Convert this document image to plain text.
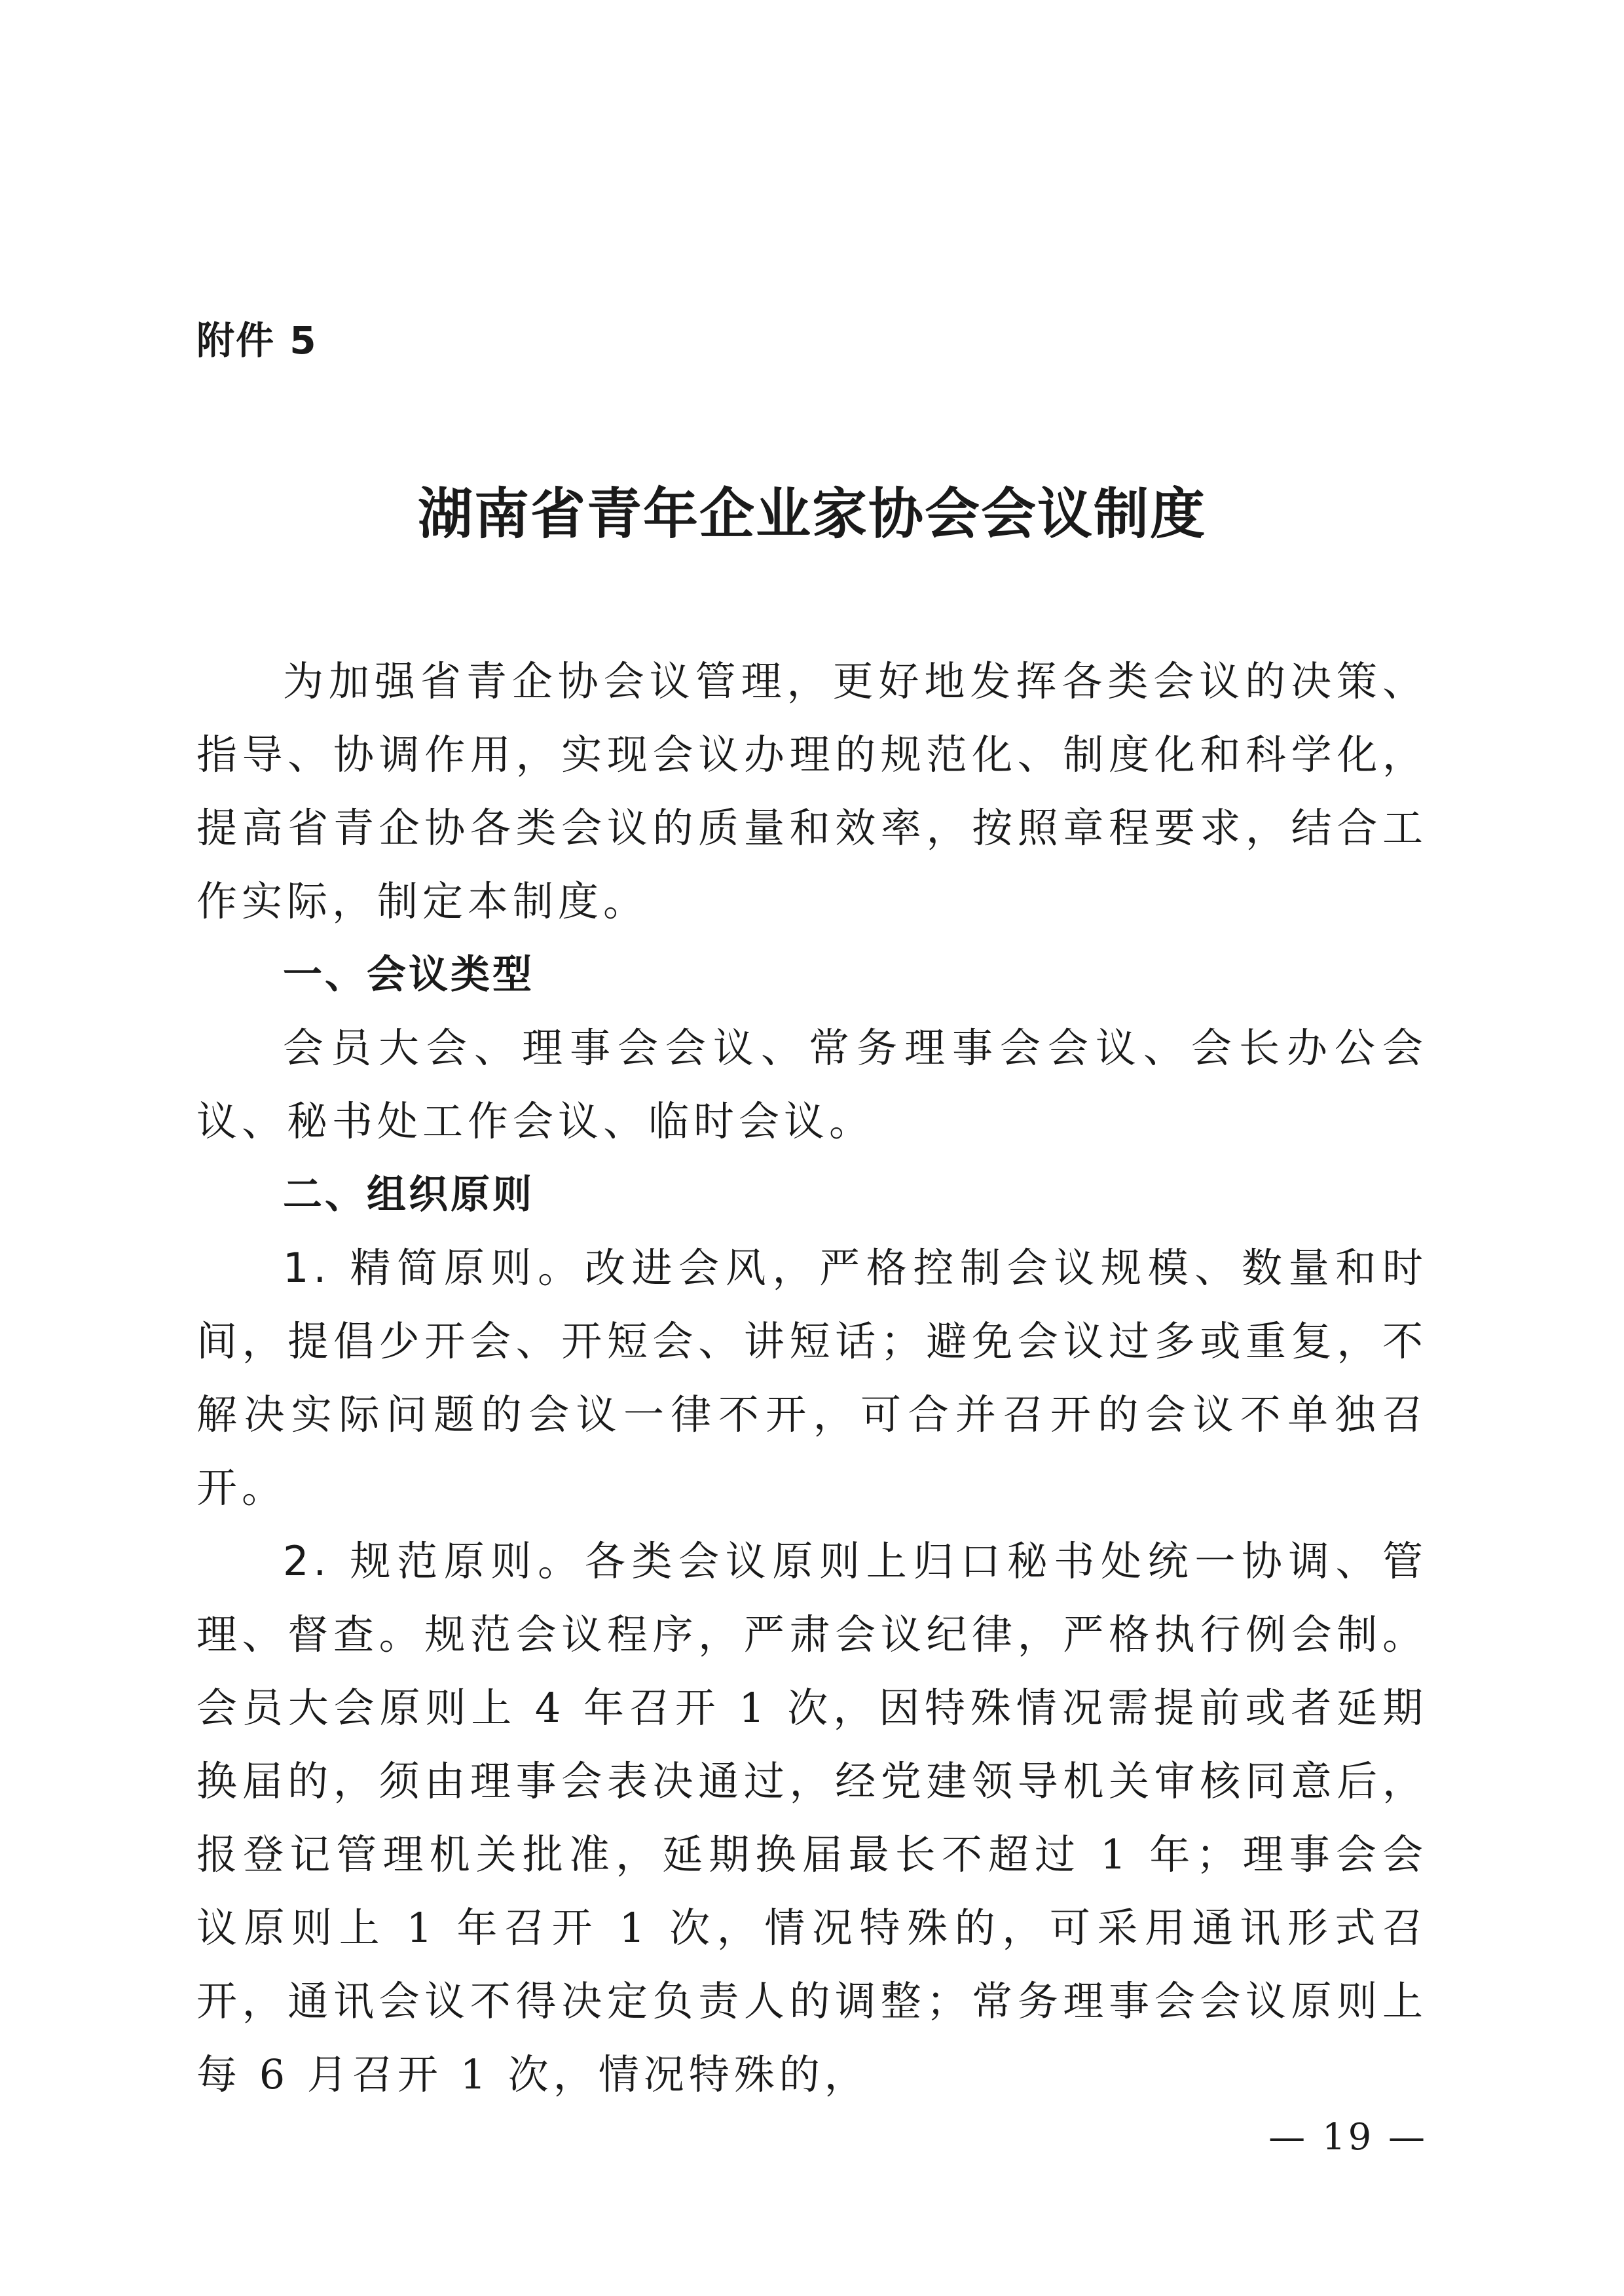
附件 5
湖南省青年企业家协会会议制度

为加强省青企协会议管理，更好地发挥各类会议的决策、指导、协调作用，实现会议办理的规范化、制度化和科学化，提高省青企协各类会议的质量和效率，按照章程要求，结合工作实际，制定本制度。

一、会议类型

会员大会、理事会会议、常务理事会会议、会长办公会议、秘书处工作会议、临时会议。

二、组织原则

1. 精简原则。改进会风，严格控制会议规模、数量和时间，提倡少开会、开短会、讲短话；避免会议过多或重复，不解决实际问题的会议一律不开，可合并召开的会议不单独召开。

2. 规范原则。各类会议原则上归口秘书处统一协调、管理、督查。规范会议程序，严肃会议纪律，严格执行例会制。会员大会原则上 4 年召开 1 次，因特殊情况需提前或者延期换届的，须由理事会表决通过，经党建领导机关审核同意后，报登记管理机关批准，延期换届最长不超过 1 年；理事会会议原则上 1 年召开 1 次，情况特殊的，可采用通讯形式召开，通讯会议不得决定负责人的调整；常务理事会会议原则上每 6 月召开 1 次，情况特殊的，

— 19 —
